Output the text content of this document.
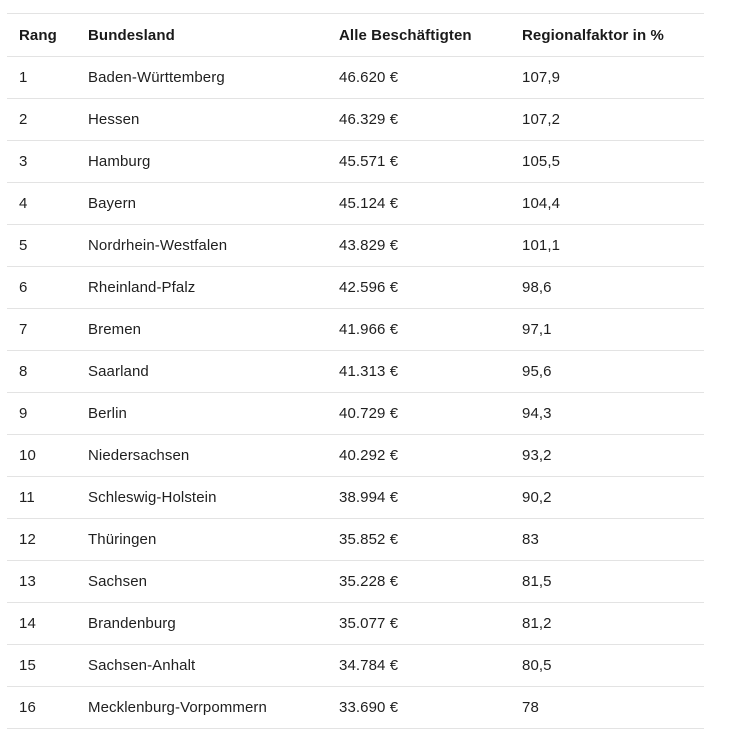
Rang	Bundesland	Alle Beschäftigten	Regionalfaktor in %
1	Baden-Württemberg	46.620 €	107,9
2	Hessen	46.329 €	107,2
3	Hamburg	45.571 €	105,5
4	Bayern	45.124 €	104,4
5	Nordrhein-Westfalen	43.829 €	101,1
6	Rheinland-Pfalz	42.596 €	98,6
7	Bremen	41.966 €	97,1
8	Saarland	41.313 €	95,6
9	Berlin	40.729 €	94,3
10	Niedersachsen	40.292 €	93,2
11	Schleswig-Holstein	38.994 €	90,2
12	Thüringen	35.852 €	83
13	Sachsen	35.228 €	81,5
14	Brandenburg	35.077 €	81,2
15	Sachsen-Anhalt	34.784 €	80,5
16	Mecklenburg-Vorpommern	33.690 €	78
